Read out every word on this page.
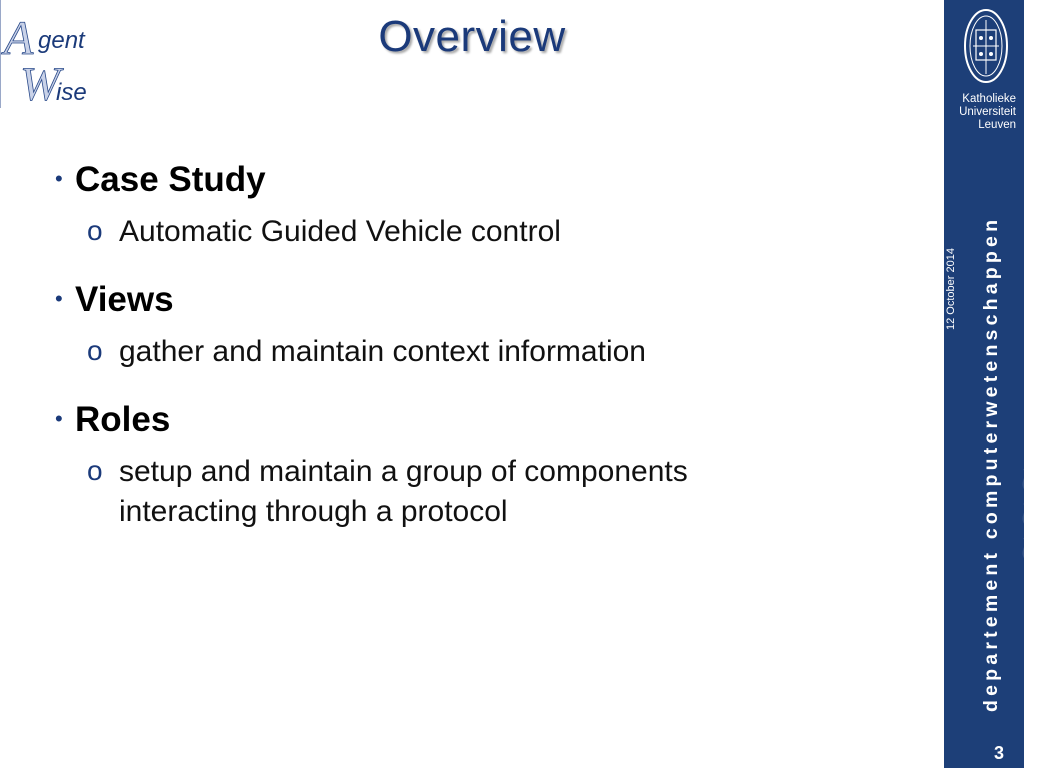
A gent
W
ise
Overview
• Case Study
o Automatic Guided Vehicle control
• Views
o gather and maintain context information
• Roles
o setup and maintain a group of components
interacting through a protocol	~ ~ ~
Katholieke
Universiteit
Leuven
12 October 2014 departement computerwetenschappen
3
